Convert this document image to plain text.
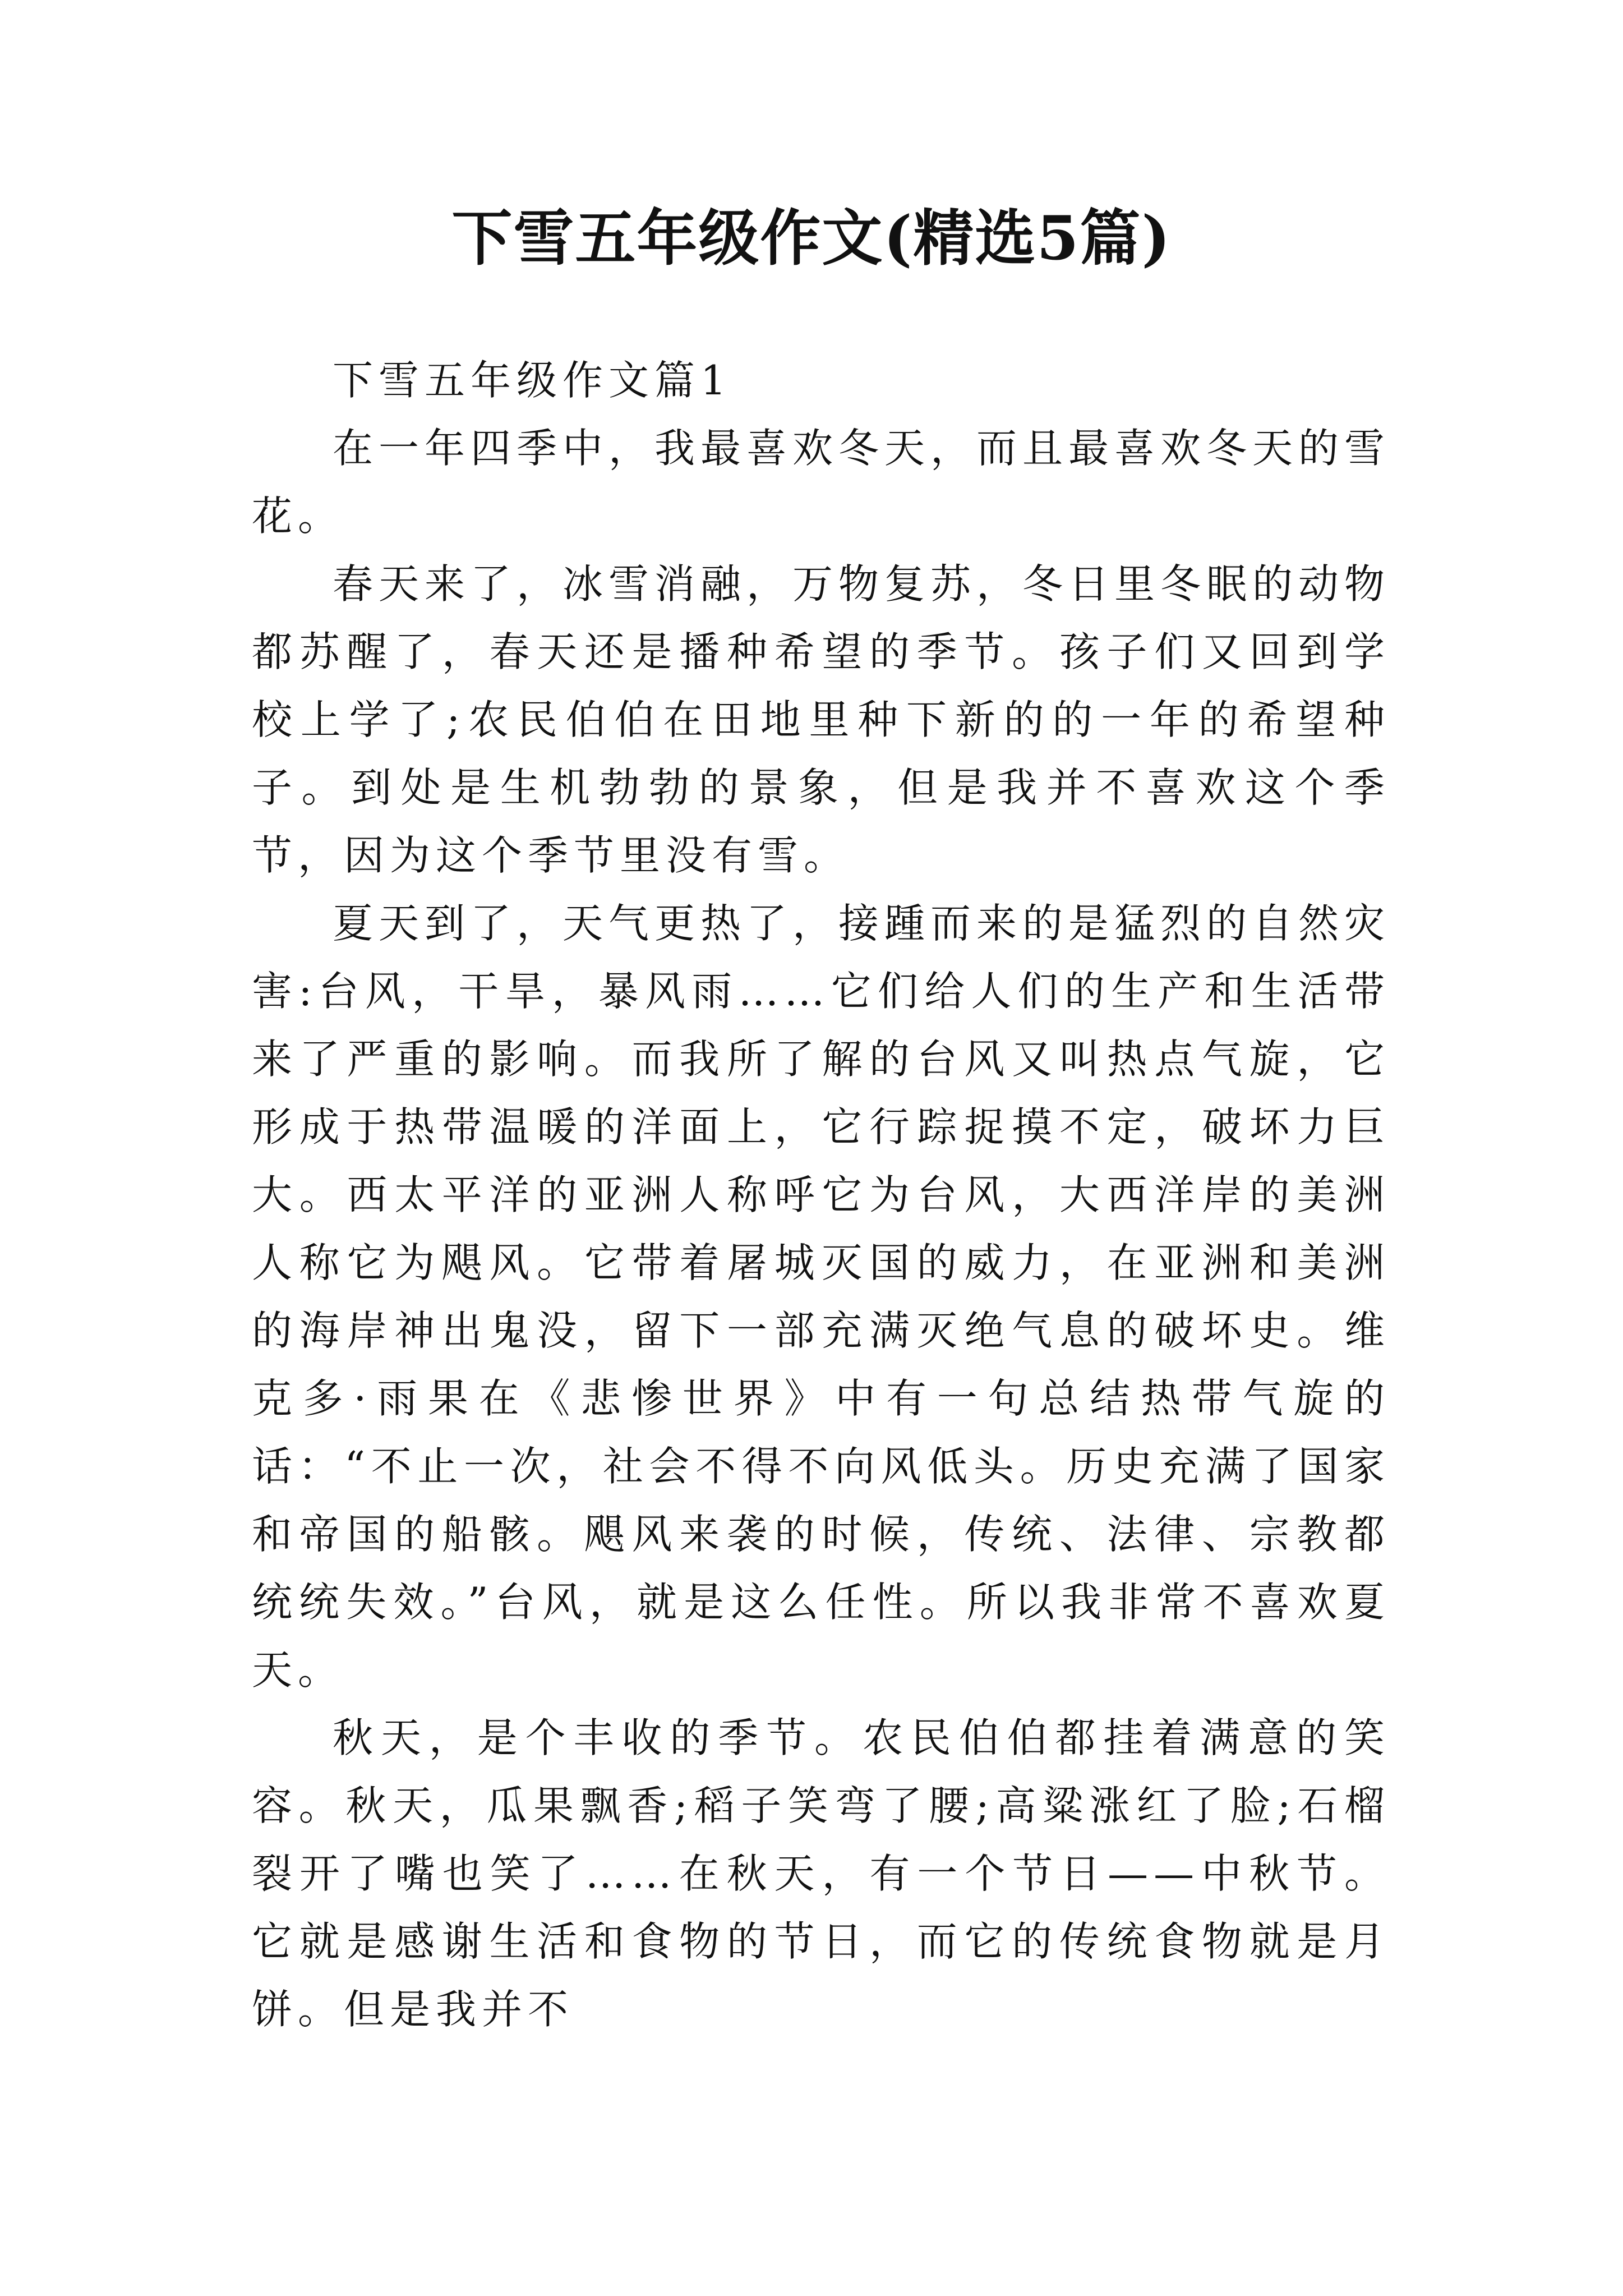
下雪五年级作文(精选5篇)

下雪五年级作文篇1

在一年四季中，我最喜欢冬天，而且最喜欢冬天的雪花。

春天来了，冰雪消融，万物复苏，冬日里冬眠的动物都苏醒了，春天还是播种希望的季节。孩子们又回到学校上学了;农民伯伯在田地里种下新的的一年的希望种子。到处是生机勃勃的景象，但是我并不喜欢这个季节，因为这个季节里没有雪。

夏天到了，天气更热了，接踵而来的是猛烈的自然灾害:台风，干旱，暴风雨……它们给人们的生产和生活带来了严重的影响。而我所了解的台风又叫热点气旋，它形成于热带温暖的洋面上，它行踪捉摸不定，破坏力巨大。西太平洋的亚洲人称呼它为台风，大西洋岸的美洲人称它为飓风。它带着屠城灭国的威力，在亚洲和美洲的海岸神出鬼没，留下一部充满灭绝气息的破坏史。维克多·雨果在《悲惨世界》中有一句总结热带气旋的话：“不止一次，社会不得不向风低头。历史充满了国家和帝国的船骸。飓风来袭的时候，传统、法律、宗教都统统失效。”台风，就是这么任性。所以我非常不喜欢夏天。

秋天，是个丰收的季节。农民伯伯都挂着满意的笑容。秋天，瓜果飘香;稻子笑弯了腰;高粱涨红了脸;石榴裂开了嘴也笑了……在秋天，有一个节日——中秋节。它就是感谢生活和食物的节日，而它的传统食物就是月饼。但是我并不
